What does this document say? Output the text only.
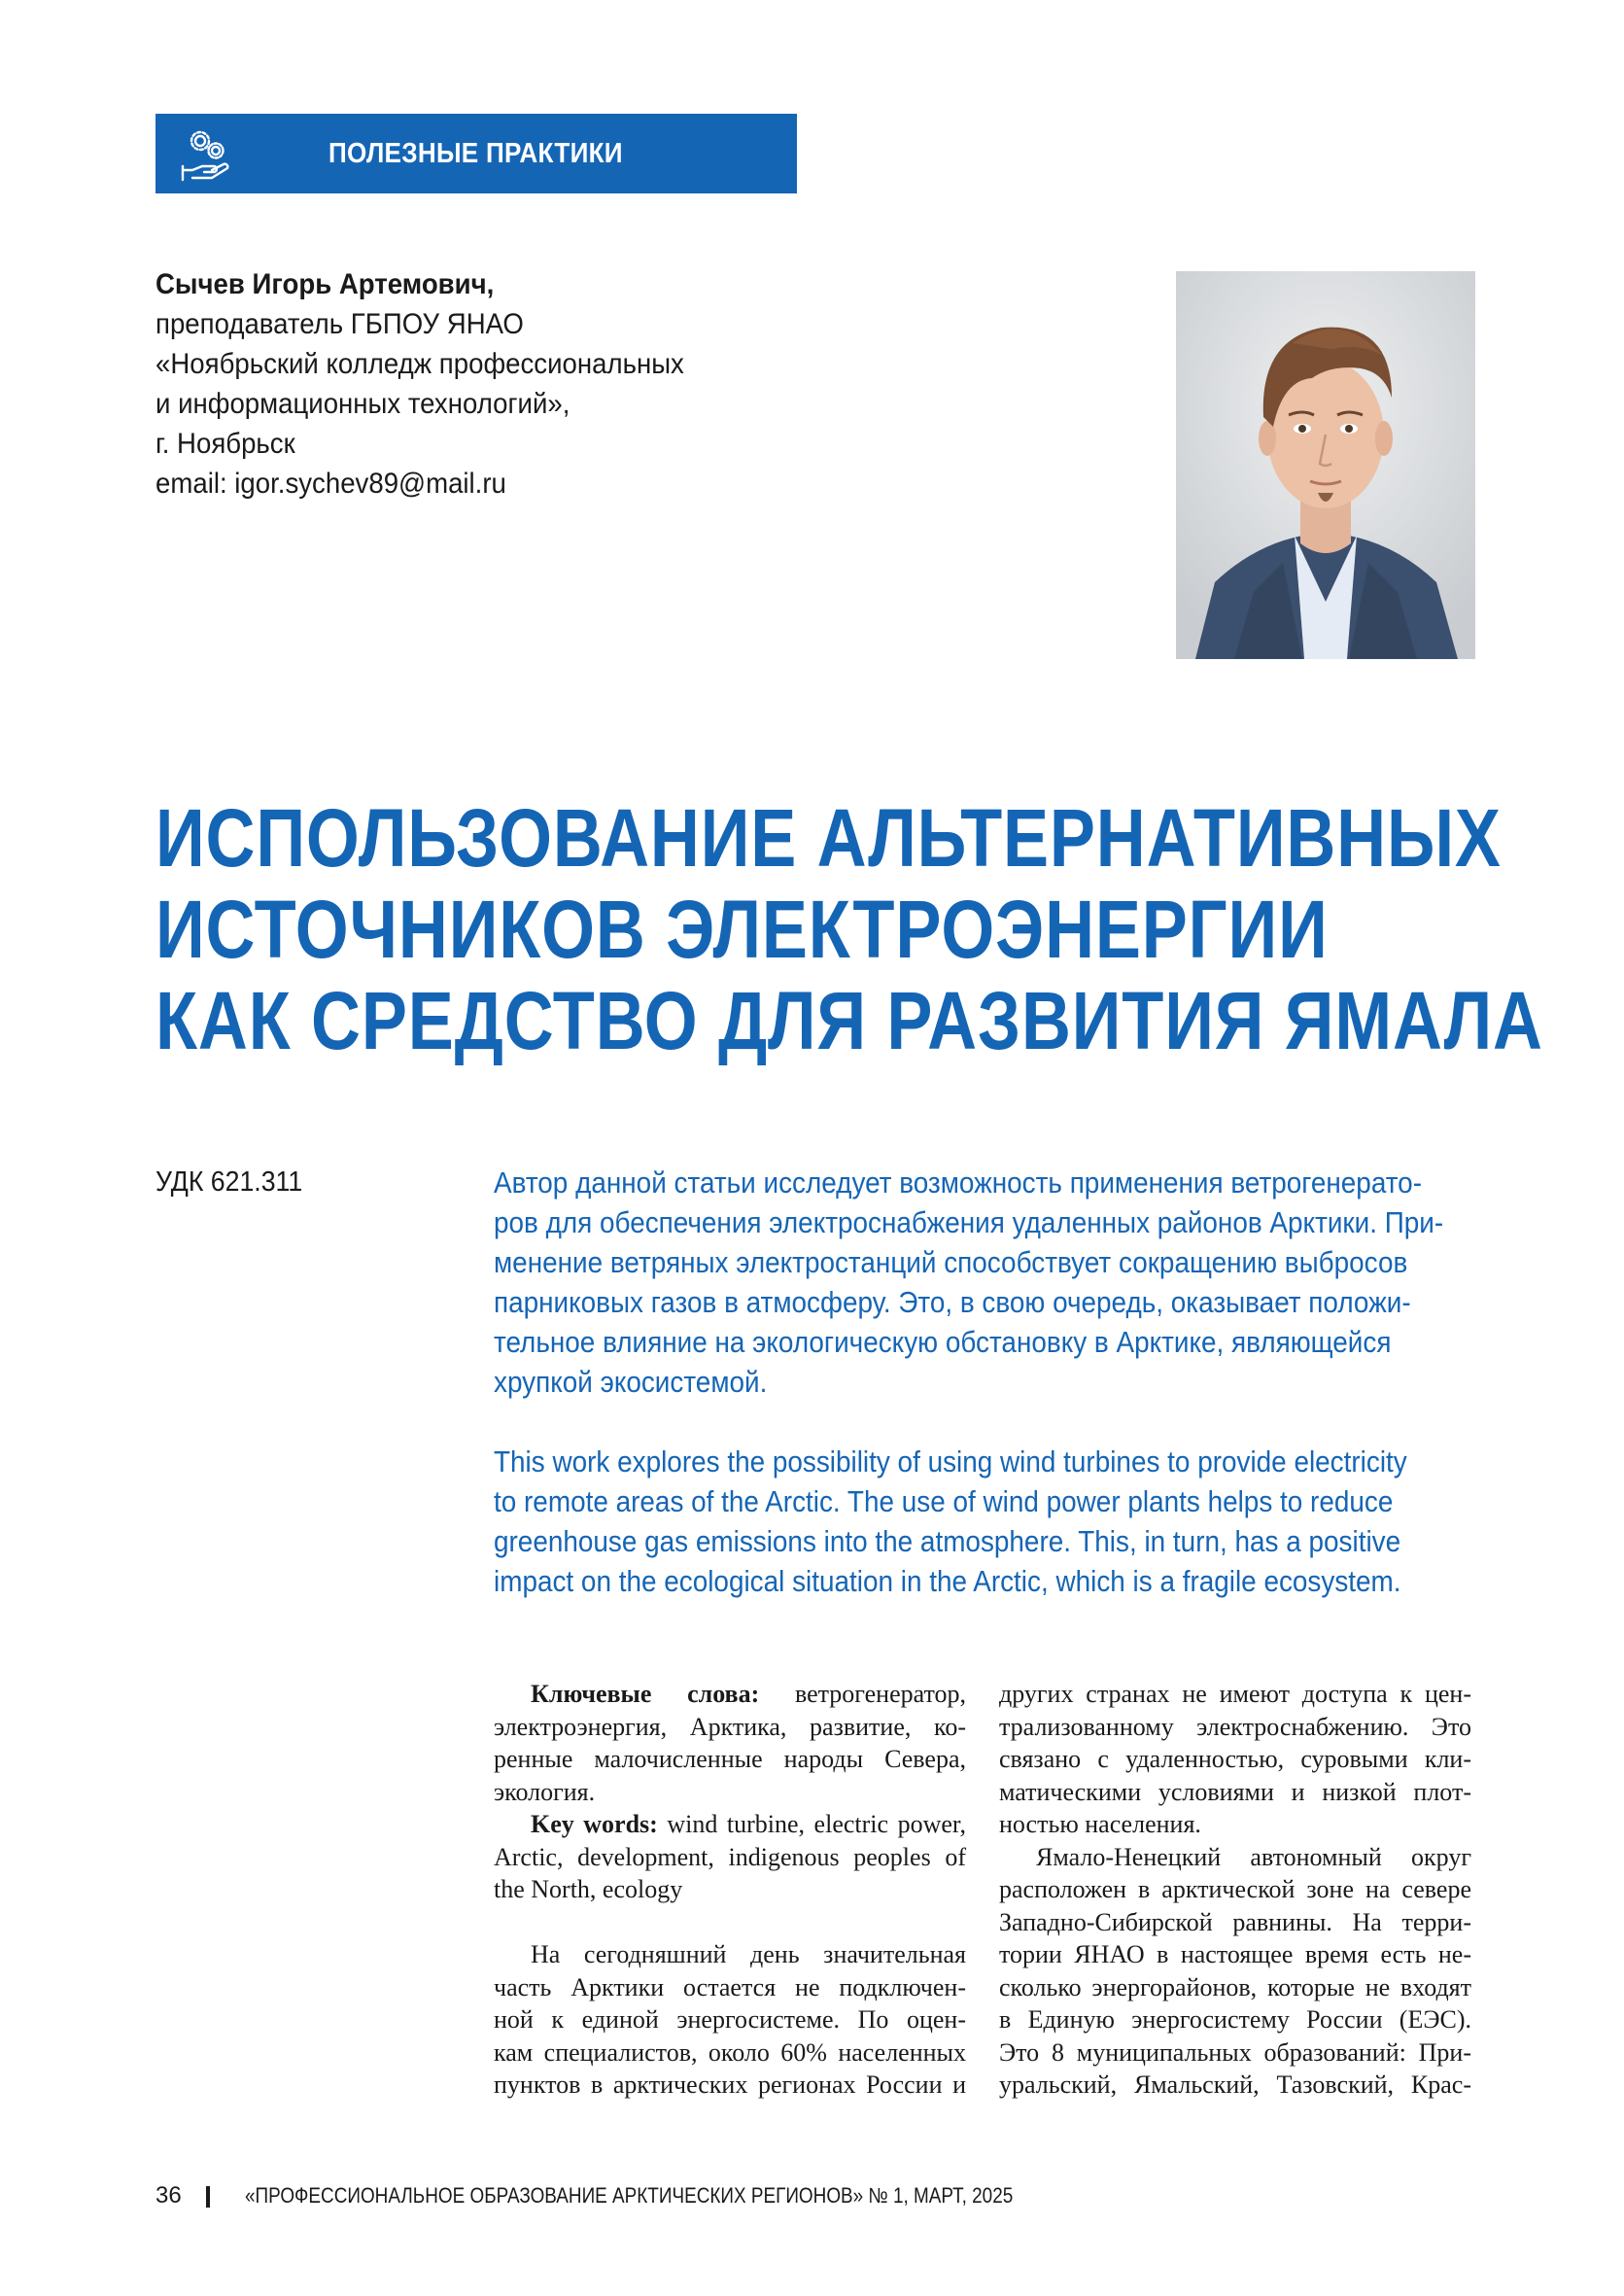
ПОЛЕЗНЫЕ ПРАКТИКИ
Сычев Игорь Артемович,
преподаватель ГБПОУ ЯНАО
«Ноябрьский колледж профессиональных
и информационных технологий»,
г. Ноябрьск
email: igor.sychev89@mail.ru
ИСПОЛЬЗОВАНИЕ АЛЬТЕРНАТИВНЫХ
ИСТОЧНИКОВ ЭЛЕКТРОЭНЕРГИИ
КАК СРЕДСТВО ДЛЯ РАЗВИТИЯ ЯМАЛА
УДК 621.311	Автор данной статьи исследует возможность применения ветрогенерато-
ров для обеспечения электроснабжения удаленных районов Арктики. При-
менение ветряных электростанций способствует сокращению выбросов
парниковых газов в атмосферу. Это, в свою очередь, оказывает положи-
тельное влияние на экологическую обстановку в Арктике, являющейся
хрупкой экосистемой.
This work explores the possibility of using wind turbines to provide electricity
to remote areas of the Arctic. The use of wind power plants helps to reduce
greenhouse gas emissions into the atmosphere. This, in turn, has a positive
impact on the ecological situation in the Arctic, which is a fragile ecosystem.
Ключевые слова: ветрогенератор,
электроэнергия, Арктика, развитие, ко-
ренные малочисленные народы Севера,
экология.
Key words: wind turbine, electric power,
Arctic, development, indigenous peoples of
the North, ecology
На сегодняшний день значительная
часть Арктики остается не подключен-
ной к единой энергосистеме. По оцен-
кам специалистов, около 60% населенных
пунктов в арктических регионах России и
других странах не имеют доступа к цен-
трализованному электроснабжению. Это
связано с удаленностью, суровыми кли-
матическими условиями и низкой плот-
ностью населения.
Ямало-Ненецкий автономный округ
расположен в арктической зоне на севере
Западно-Сибирской равнины. На терри-
тории ЯНАО в настоящее время есть не-
сколько энергорайонов, которые не входят
в Единую энергосистему России (ЕЭС).
Это 8 муниципальных образований: При-
уральский, Ямальский, Тазовский, Крас-
36	«ПРОФЕССИОНАЛЬНОЕ ОБРАЗОВАНИЕ АРКТИЧЕСКИХ РЕГИОНОВ» № 1, МАРТ, 2025
